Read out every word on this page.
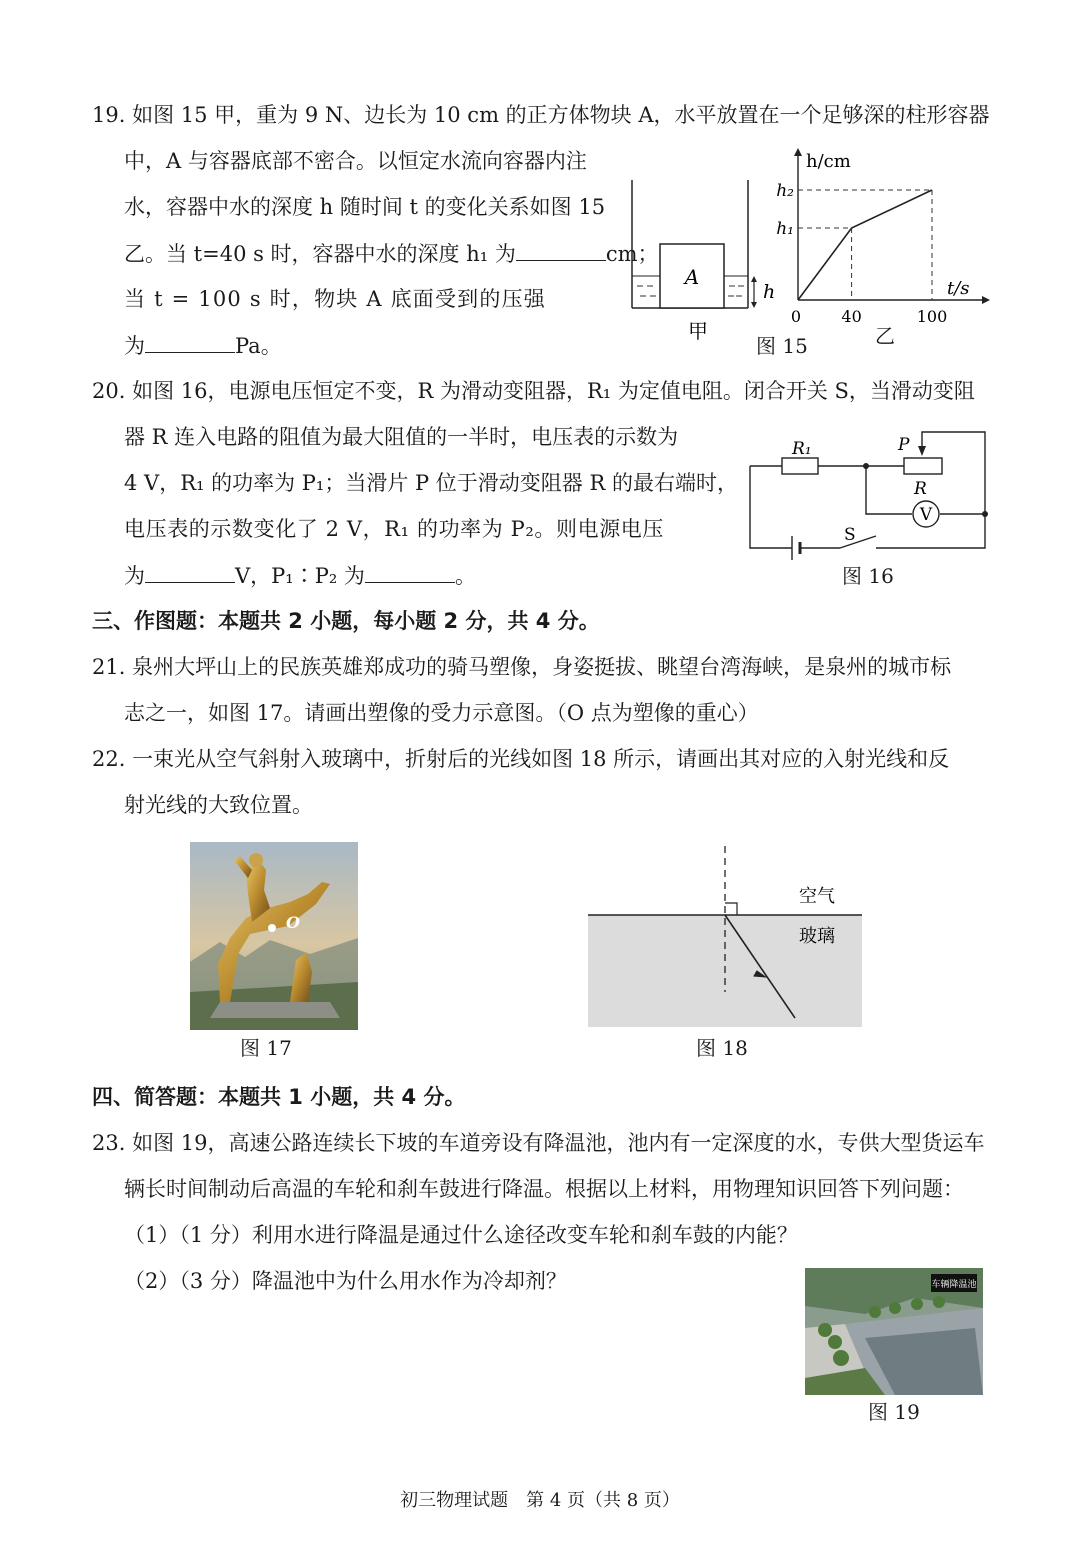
19. 如图 15 甲，重为 9 N、边长为 10 cm 的正方体物块 A，水平放置在一个足够深的柱形容器
中，A 与容器底部不密合。以恒定水流向容器内注
水，容器中水的深度 h 随时间 t 的变化关系如图 15
乙。当 t=40 s 时，容器中水的深度 h₁ 为	cm；
当 t = 100 s 时，物块 A 底面受到的压强
为	Pa。
A
h
甲
h/cm
t/s
0	40	100
h₁
h₂
乙
图 15
20. 如图 16，电源电压恒定不变，R 为滑动变阻器，R₁ 为定值电阻。闭合开关 S，当滑动变阻
器 R 连入电路的阻值为最大阻值的一半时，电压表的示数为
4 V，R₁ 的功率为 P₁；当滑片 P 位于滑动变阻器 R 的最右端时，
电压表的示数变化了 2 V，R₁ 的功率为 P₂。则电源电压
为	V，P₁∶P₂ 为	。
R₁	P
R
V
S
图 16
三、作图题：本题共 2 小题，每小题 2 分，共 4 分。
21. 泉州大坪山上的民族英雄郑成功的骑马塑像，身姿挺拔、眺望台湾海峡，是泉州的城市标
志之一，如图 17。请画出塑像的受力示意图。（O 点为塑像的重心）
22. 一束光从空气斜射入玻璃中，折射后的光线如图 18 所示，请画出其对应的入射光线和反
射光线的大致位置。
O
图 17
空气
玻璃
图 18
四、简答题：本题共 1 小题，共 4 分。
23. 如图 19，高速公路连续长下坡的车道旁设有降温池，池内有一定深度的水，专供大型货运车
辆长时间制动后高温的车轮和刹车鼓进行降温。根据以上材料，用物理知识回答下列问题：
（1）（1 分）利用水进行降温是通过什么途径改变车轮和刹车鼓的内能？
（2）（3 分）降温池中为什么用水作为冷却剂？	车辆降温池
图 19
初三物理试题　第 4 页（共 8 页）
